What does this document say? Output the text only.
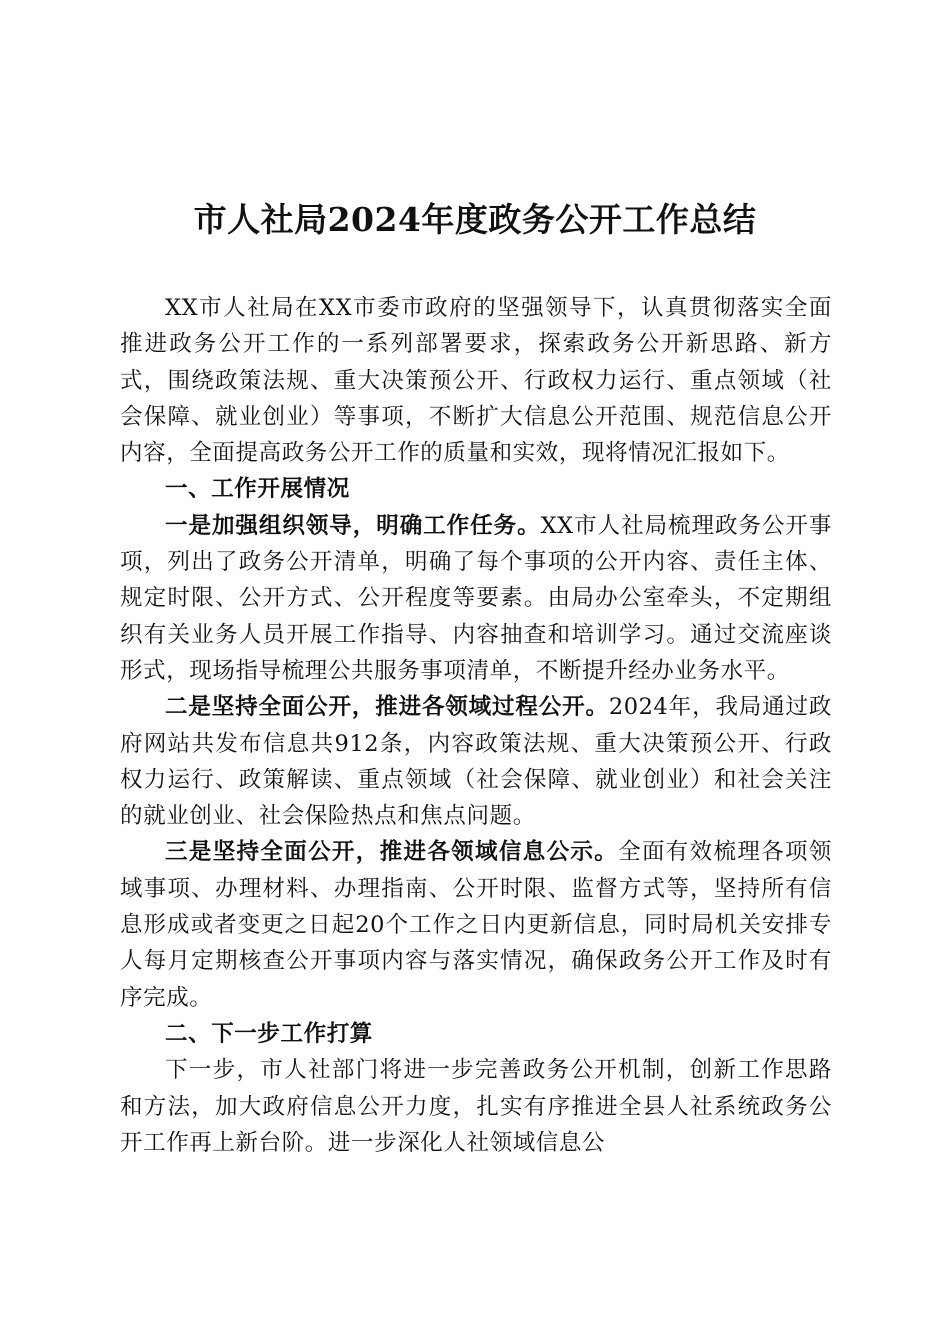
市人社局2024年度政务公开工作总结

XX市人社局在XX市委市政府的坚强领导下，认真贯彻落实全面推进政务公开工作的一系列部署要求，探索政务公开新思路、新方式，围绕政策法规、重大决策预公开、行政权力运行、重点领域（社会保障、就业创业）等事项，不断扩大信息公开范围、规范信息公开内容，全面提高政务公开工作的质量和实效，现将情况汇报如下。

一、工作开展情况

一是加强组织领导，明确工作任务。XX市人社局梳理政务公开事项，列出了政务公开清单，明确了每个事项的公开内容、责任主体、规定时限、公开方式、公开程度等要素。由局办公室牵头，不定期组织有关业务人员开展工作指导、内容抽查和培训学习。通过交流座谈形式，现场指导梳理公共服务事项清单，不断提升经办业务水平。

二是坚持全面公开，推进各领域过程公开。2024年，我局通过政府网站共发布信息共912条，内容政策法规、重大决策预公开、行政权力运行、政策解读、重点领域（社会保障、就业创业）和社会关注的就业创业、社会保险热点和焦点问题。

三是坚持全面公开，推进各领域信息公示。全面有效梳理各项领域事项、办理材料、办理指南、公开时限、监督方式等，坚持所有信息形成或者变更之日起20个工作之日内更新信息，同时局机关安排专人每月定期核查公开事项内容与落实情况，确保政务公开工作及时有序完成。

二、下一步工作打算

下一步，市人社部门将进一步完善政务公开机制，创新工作思路和方法，加大政府信息公开力度，扎实有序推进全县人社系统政务公开工作再上新台阶。进一步深化人社领域信息公
